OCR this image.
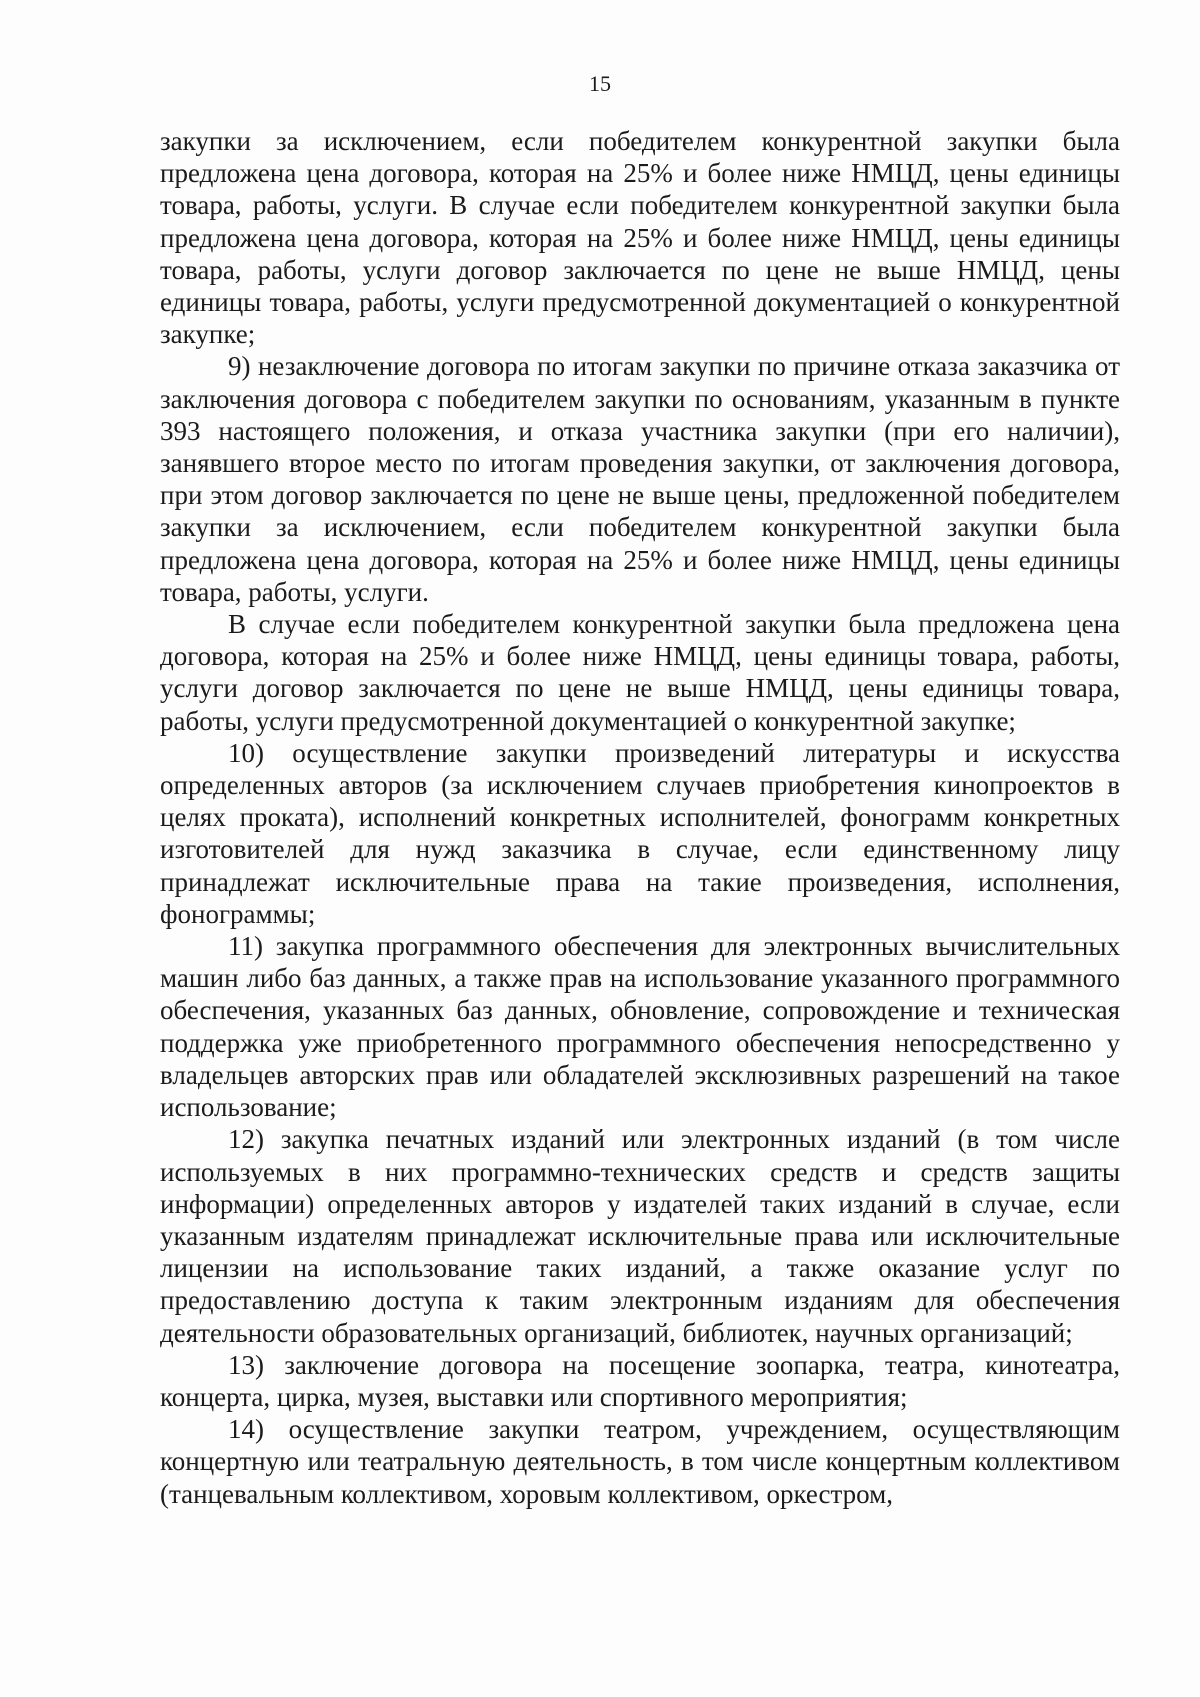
15

закупки за исключением, если победителем конкурентной закупки была предложена цена договора, которая на 25% и более ниже НМЦД, цены единицы товара, работы, услуги. В случае если победителем конкурентной закупки была предложена цена договора, которая на 25% и более ниже НМЦД, цены единицы товара, работы, услуги договор заключается по цене не выше НМЦД, цены единицы товара, работы, услуги предусмотренной документацией о конкурентной закупке;

9) незаключение договора по итогам закупки по причине отказа заказчика от заключения договора с победителем закупки по основаниям, указанным в пункте 393 настоящего положения, и отказа участника закупки (при его наличии), занявшего второе место по итогам проведения закупки, от заключения договора, при этом договор заключается по цене не выше цены, предложенной победителем закупки за исключением, если победителем конкурентной закупки была предложена цена договора, которая на 25% и более ниже НМЦД, цены единицы товара, работы, услуги.

В случае если победителем конкурентной закупки была предложена цена договора, которая на 25% и более ниже НМЦД, цены единицы товара, работы, услуги договор заключается по цене не выше НМЦД, цены единицы товара, работы, услуги предусмотренной документацией о конкурентной закупке;

10) осуществление закупки произведений литературы и искусства определенных авторов (за исключением случаев приобретения кинопроектов в целях проката), исполнений конкретных исполнителей, фонограмм конкретных изготовителей для нужд заказчика в случае, если единственному лицу принадлежат исключительные права на такие произведения, исполнения, фонограммы;

11) закупка программного обеспечения для электронных вычислительных машин либо баз данных, а также прав на использование указанного программного обеспечения, указанных баз данных, обновление, сопровождение и техническая поддержка уже приобретенного программного обеспечения непосредственно у владельцев авторских прав или обладателей эксклюзивных разрешений на такое использование;

12) закупка печатных изданий или электронных изданий (в том числе используемых в них программно-технических средств и средств защиты информации) определенных авторов у издателей таких изданий в случае, если указанным издателям принадлежат исключительные права или исключительные лицензии на использование таких изданий, а также оказание услуг по предоставлению доступа к таким электронным изданиям для обеспечения деятельности образовательных организаций, библиотек, научных организаций;

13) заключение договора на посещение зоопарка, театра, кинотеатра, концерта, цирка, музея, выставки или спортивного мероприятия;

14) осуществление закупки театром, учреждением, осуществляющим концертную или театральную деятельность, в том числе концертным коллективом (танцевальным коллективом, хоровым коллективом, оркестром,
